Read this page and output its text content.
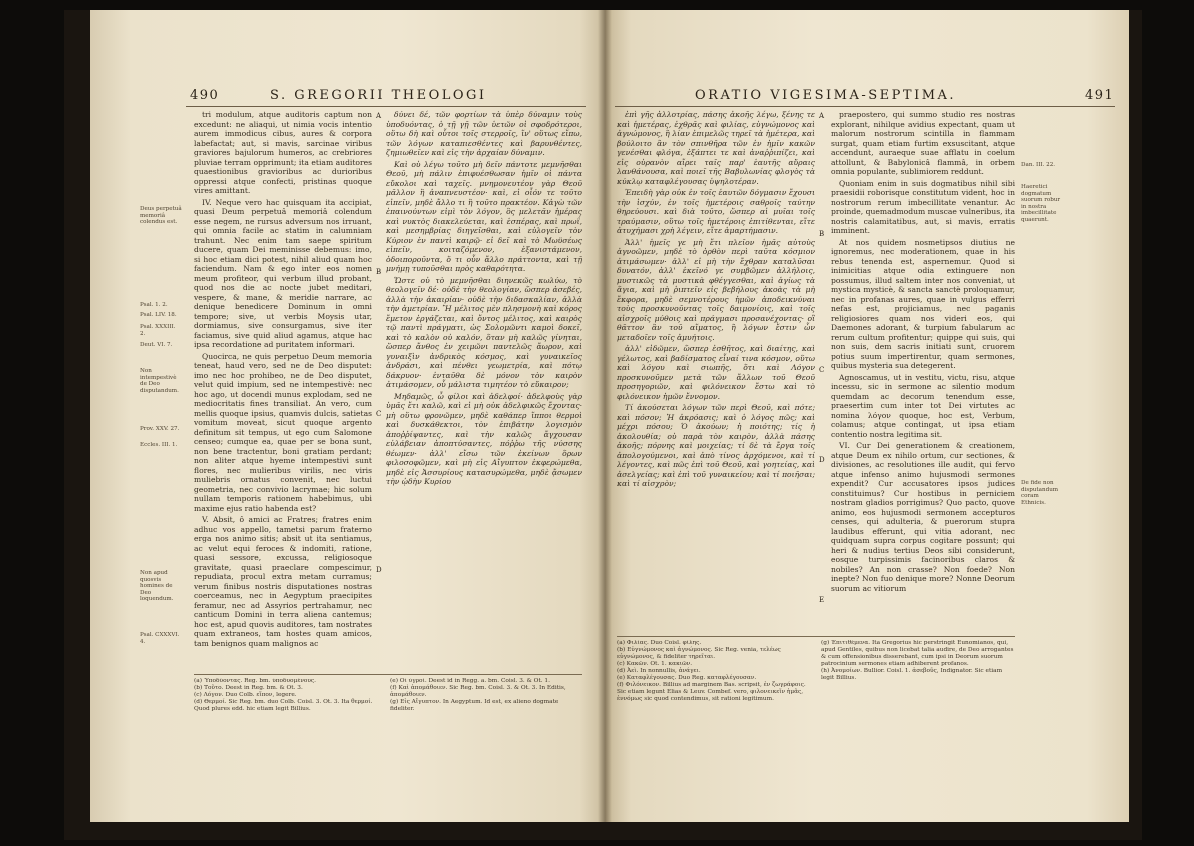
490	S. GREGORII THEOLOGI
Deus perpetuâ memoriâ colendus est.
Psal. 1. 2.
Psal. LIV. 18.
Psal. XXXIII. 2.
Deut. VI. 7.
Non intempestivè de Deo disputandum.
Prov. XXV. 27.
Eccles. III. 1.
Non apud quosvis homines de Deo loquendum.
Psal. CXXXVI. 4.
tri modulum, atque auditoris captum non excedunt: ne aliaqui, ut nimia vocis intentio aurem immodicus cibus, aures & corpora labefactat; aut, si mavis, sarcinae viribus graviores bajulorum humeros, ac crebriores pluviae terram opprimunt; ita etiam auditores quaestionibus gravioribus ac durioribus oppressi atque confecti, pristinas quoque vires amittant.
IV. Neque vero hac quisquam ita accipiat, quasi Deum perpetuâ memoriâ colendum esse negem, ne rursus adversum nos irruant, qui omnia facile ac statim in calumniam trahunt. Nec enim tam saepe spiritum ducere, quam Dei meminisse debemus: imo, si hoc etiam dici potest, nihil aliud quam hoc faciendum. Nam & ego inter eos nomen meum profiteor, qui verbum illud probant, quod nos die ac nocte jubet meditari, vespere, & mane, & meridie narrare, ac denique benedicere Dominum in omni tempore; sive, ut verbis Moysis utar, dormiamus, sive consurgamus, sive iter faciamus, sive quid aliud agamus, atque hac ipsa recordatione ad puritatem informari.
Quocirca, ne quis perpetuo Deum memoria teneat, haud vero, sed ne de Deo disputet: imo nec hoc prohibeo, ne de Deo disputet, velut quid impium, sed ne intempestivè: nec hoc ago, ut docendi munus explodam, sed ne mediocritatis fines transiliat. An vero, cum mellis quoque ipsius, quamvis dulcis, satietas vomitum moveat, sicut quoque argento definitum sit tempus, ut ego cum Salomone censeo; cumque ea, quae per se bona sunt, non bene tractentur, boni gratiam perdant; non aliter atque hyeme intempestivi sunt flores, nec mulieribus virilis, nec viris muliebris ornatus convenit, nec luctui geometria, nec convivio lacrymae; hic solum nullam temporis rationem habebimus, ubi maxime ejus ratio habenda est?
V. Absit, ô amici ac Fratres; fratres enim adhuc vos appello, tametsi parum fraterno erga nos animo sitis; absit ut ita sentiamus, ac velut equi feroces & indomiti, ratione, quasi sessore, excussa, religiosoque gravitate, quasi praeclare compescimur, repudiata, procul extra metam curramus; verum finibus nostris disputationes nostras coerceamus, nec in Aegyptum praecipites feramur, nec ad Assyrios pertrahamur, nec canticum Domini in terra aliena cantemus; hoc est, apud quovis auditores, tam nostrates quam extraneos, tam hostes quam amicos, tam benignos quam malignos ac
A
B
C
D
δύνει δέ, τῶν φορτίων τὰ ὑπὲρ δύναμιν τοὺς ὑποδυόντας, ὁ τῇ γῇ τῶν ὑετῶν οἱ σφοδρότεροι, οὕτω δὴ καὶ οὗτοι τοῖς στερροῖς, ἵν' οὕτως εἴπω, τῶν λόγων καταπιεσθέντες καὶ βαρυνθέντες, ζημιωθεῖεν καὶ εἰς τὴν ἀρχαίαν δύναμιν.
Καὶ οὐ λέγω τοῦτο μὴ δεῖν πάντοτε μεμνῆσθαι Θεοῦ, μὴ πάλιν ἐπιφυέσθωσαν ἡμῖν οἱ πάντα εὔκολοι καὶ ταχεῖς. μνημονευτέον γὰρ Θεοῦ μᾶλλον ἢ ἀναπνευστέον· καὶ, εἰ οἷόν τε τοῦτο εἰπεῖν, μηδὲ ἄλλο τι ἢ τοῦτο πρακτέον. Κἀγὼ τῶν ἐπαινούντων εἰμὶ τὸν λόγον, ὃς μελετᾶν ἡμέρας καὶ νυκτὸς διακελεύεται, καὶ ἑσπέρας, καὶ πρωΐ, καὶ μεσημβρίας διηγεῖσθαι, καὶ εὐλογεῖν τὸν Κύριον ἐν παντὶ καιρῷ· εἰ δεῖ καὶ τὸ Μωϋσέως εἰπεῖν, κοιταζόμενον, ἐξανιστάμενον, ὁδοιποροῦντα, ὅ τι οὖν ἄλλο πράττοντα, καὶ τῇ μνήμῃ τυποῦσθαι πρὸς καθαρότητα.
Ὥστε οὐ τὸ μεμνῆσθαι διηνεκῶς κωλύω, τὸ θεολογεῖν δέ· οὐδὲ τὴν θεολογίαν, ὥσπερ ἀσεβές, ἀλλὰ τὴν ἀκαιρίαν· οὐδὲ τὴν διδασκαλίαν, ἀλλὰ τὴν ἀμετρίαν. Ἢ μέλιτος μὲν πλησμονὴ καὶ κόρος ἔμετον ἐργάζεται, καὶ ὄντος μέλιτος, καὶ καιρὸς τῷ παντὶ πράγματι, ὡς Σολομῶντι καμοὶ δοκεῖ, καὶ τὸ καλὸν οὐ καλόν, ὅταν μὴ καλῶς γίνηται, ὥσπερ ἄνθος ἐν χειμῶνι παντελῶς ἄωρον, καὶ γυναιξὶν ἀνδρικὸς κόσμος, καὶ γυναικεῖος ἀνδράσι, καὶ πένθει γεωμετρία, καὶ πότῳ δάκρυον· ἐνταῦθα δὲ μόνον τὸν καιρὸν ἀτιμάσομεν, οὗ μάλιστα τιμητέον τὸ εὔκαιρον;
Μηδαμῶς, ὦ φίλοι καὶ ἀδελφοί· ἀδελφοὺς γὰρ ὑμᾶς ἔτι καλῶ, καὶ εἰ μὴ οὐκ ἀδελφικῶς ἔχοντας· μὴ οὕτω φρονῶμεν, μηδὲ καθάπερ ἵπποι θερμοὶ καὶ δυσκάθεκτοι, τὸν ἐπιβάτην λογισμὸν ἀποῤῥίψαντες, καὶ τὴν καλῶς ἄγχουσαν εὐλάβειαν ἀποπτύσαντες, πόῤῥω τῆς νύσσης θέωμεν· ἀλλ' εἴσω τῶν ἐκείνων ὅρων φιλοσοφῶμεν, καὶ μὴ εἰς Αἴγυπτον ἐκφερώμεθα, μηδὲ εἰς Ἀσσυρίους κατασυρώμεθα, μηδὲ ᾄσωμεν τὴν ᾠδὴν Κυρίου
(a) Ὑποδύοντας. Reg. bm. ὑποδυομένους.
(b) Τοῦτο. Deest in Reg. bm. & Ot. 3.
(c) Λόγον. Duo Colb. εἴπον, legere.
(d) Θερμοί. Sic Reg. bm. duo Colb. Coisl. 3. Ot. 3. Ita θερμοί. Quod plures edd. hic etiam legit Billius.
(e) Οἱ ὑγροί. Deest id in Regg. a. bm. Coisl. 3. & Ot. 1.
(f) Καὶ ἀπομάθοιεν. Sic Reg. bm. Coisl. 3. & Ot. 3. In Editis, ἀπομάθοιεν.
(g) Εἰς Αἴγυπτον. In Aegyptum. Id est, ex alieno dogmate fideliter.
ORATIO VIGESIMA-SEPTIMA.	491
ἐπὶ γῆς ἀλλοτρίας, πάσης ἀκοῆς λέγω, ξένης τε καὶ ἡμετέρας, ἐχθρᾶς καὶ φιλίας, εὐγνώμονος καὶ ἀγνώμονος, ἣ λίαν ἐπιμελῶς τηρεῖ τὰ ἡμέτερα, καὶ βούλοιτο ἂν τὸν σπινθῆρα τῶν ἐν ἡμῖν κακῶν γενέσθαι φλόγα, ἐξάπτει τε καὶ ἀναῤῥιπίζει, καὶ εἰς οὐρανὸν αἴρει ταῖς παρ' ἑαυτῆς αὔραις λανθάνουσα, καὶ ποιεῖ τῆς Βαβυλωνίας φλογὸς τὰ κύκλῳ καταφλέγουσας ὑψηλοτέραν.
Ἐπειδὴ γὰρ οὐκ ἐν τοῖς ἑαυτῶν δόγμασιν ἔχουσι τὴν ἰσχύν, ἐν τοῖς ἡμετέροις σαθροῖς ταύτην θηρεύουσι. καὶ διὰ τοῦτο, ὥσπερ αἱ μυῖαι τοῖς τραύμασιν, οὕτω τοῖς ἡμετέροις ἐπιτίθενται, εἴτε ἀτυχήμασι χρὴ λέγειν, εἴτε ἁμαρτήμασιν.
Ἀλλ' ἡμεῖς γε μὴ ἔτι πλεῖον ἡμᾶς αὐτοὺς ἀγνοῶμεν, μηδὲ τὸ ὀρθὸν περὶ ταῦτα κόσμιον ἀτιμάσωμεν· ἀλλ' εἰ μὴ τὴν ἔχθραν καταλῦσαι δυνατόν, ἀλλ' ἐκεῖνό γε συμβῶμεν ἀλλήλοις, μυστικῶς τὰ μυστικὰ φθέγγεσθαι, καὶ ἁγίως τὰ ἅγια, καὶ μὴ ῥιπτεῖν εἰς βεβήλους ἀκοὰς τὰ μὴ ἔκφορα, μηδὲ σεμνοτέρους ἡμῶν ἀποδεικνύναι τοὺς προσκυνοῦντας τοῖς δαιμονίοις, καὶ τοῖς αἰσχροῖς μύθοις καὶ πράγμασι προσανέχοντας· οἳ θᾶττον ἂν τοῦ αἵματος, ἢ λόγων ἔστιν ὧν μεταδοῖεν τοῖς ἀμυήτοις.
ἀλλ' εἰδῶμεν, ὥσπερ ἐσθῆτος, καὶ διαίτης, καὶ γέλωτος, καὶ βαδίσματος εἶναί τινα κόσμον, οὕτω καὶ λόγου καὶ σιωπῆς, ὅτι καὶ Λόγον προσκυνοῦμεν μετὰ τῶν ἄλλων τοῦ Θεοῦ προσηγοριῶν, καὶ φιλόνεικον ἔστω καὶ τὸ φιλόνεικον ἡμῶν ἔννομον.
Τί ἀκούσεται λόγων τῶν περὶ Θεοῦ, καὶ πότε; καὶ πόσον; Ἡ ἀκρόασις; καὶ ὁ λόγος πῶς; καὶ μέχρι πόσου; Ὁ ἀκούων; ἡ ποιότης; τίς ἡ ἀκολουθία; οὐ παρὰ τὸν καιρὸν, ἀλλὰ πάσης ἀκοῆς; πόρνης καὶ μοιχείας; τί δὲ τὰ ἔργα τοῖς ἀπολογούμενοι, καὶ ἀπὸ τίνος ἀρχόμενοι, καὶ τί λέγοντες, καὶ πῶς ἐπὶ τοῦ Θεοῦ, καὶ γοητείας, καὶ ἀσελγείας; καὶ ἐπὶ τοῦ γυναικείου; καὶ τί ποιῆσαι; καὶ τί αἰσχρὸν;
A
B
C
D
E
praepostero, qui summo studio res nostras explorant, nihilque avidius expectant, quam ut malorum nostrorum scintilla in flammam surgat, quam etiam furtim exsuscitant, atque accendunt, auraeque suae afflatu in coelum attollunt, & Babylonicâ flammâ, in orbem omnia populante, sublimiorem reddunt.
Quoniam enim in suis dogmatibus nihil sibi praesidii roborisque constitutum vident, hoc in nostrorum rerum imbecillitate venantur. Ac proinde, quemadmodum muscae vulneribus, ita nostris calamitatibus, aut, si mavis, erratis imminent.
At nos quidem nosmetipsos diutius ne ignoremus, nec moderationem, quae in his rebus tenenda est, aspernemur. Quod si inimicitias atque odia extinguere non possumus, illud saltem inter nos conveniat, ut mystica mysticè, & sancta sanctè proloquamur, nec in profanas aures, quae in vulgus efferri nefas est, projiciamus, nec paganis religiosiores quam nos videri eos, qui Daemones adorant, & turpium fabularum ac rerum cultum profitentur; quippe qui suis, qui non suis, dem sacris initiati sunt, cruorem potius suum impertirentur, quam sermones, quibus mysteria sua detegerent.
Agnoscamus, ut in vestitu, victu, risu, atque incessu, sic in sermone ac silentio modum quemdam ac decorum tenendum esse, praesertim cum inter tot Dei virtutes ac nomina λόγον quoque, hoc est, Verbum, colamus; atque contingat, ut ipsa etiam contentio nostra legitima sit.
VI. Cur Dei generationem & creationem, atque Deum ex nihilo ortum, cur sectiones, & divisiones, ac resolutiones ille audit, qui fervo atque infenso animo hujusmodi sermones expendit? Cur accusatores ipsos judices constituimus? Cur hostibus in perniciem nostram gladios porrigimus? Quo pacto, quove animo, eos hujusmodi sermonem accepturos censes, qui adulteria, & puerorum stupra laudibus efferunt, qui vitia adorant, nec quidquam supra corpus cogitare possunt; qui heri & nudius tertius Deos sibi considerunt, eosque turpissimis facinoribus claros & nobiles? An non crasse? Non foede? Non inepte? Non fuo denique more? Nonne Deorum suorum ac vitiorum
Dan. III. 22.
Haeretici dogmatum suorum robur in nostra imbecillitate quaerunt.
De fide non disputandum coram Ethnicis.
(a) Φιλίας. Duo Coisl. φίλης.
(b) Εὐγνώμονος καὶ ἀγνώμονος. Sic Reg. venia, τελέως εὐγνώμονος, & fideliter τηρεῖται.
(c) Κακῶν. Ot. 1. κακιῶν.
(d) Ἀεὶ. In nonnullis, ἀνάγει.
(e) Καταφλέγουσας. Duo Reg. καταφλέγουσαν.
(f) Φιλόνεικον. Billius ad marginem Bas. scripsit, ἐν ζωγράφοις. Sic etiam legunt Elias & Leuv. Combef. vero, φιλονεικεῖν ἡμᾶς, ἐννόμως sic quod contendimus, sit rationi legitimum.
(g) Ἐπιτιθέμενα. Ita Gregorius hic perstringit Eunomianos, qui, apud Gentiles, quibus non licebat talia audire, de Deo arrogantes & cum offensionibus disserebant, cum ipsi in Deorum suorum patrocinium sermones etiam adhiberent profanos.
(h) Ἀνομοίων. Bullior. Coisl. 1. ἀσεβοῦς, Indignator. Sic etiam legit Billius.
